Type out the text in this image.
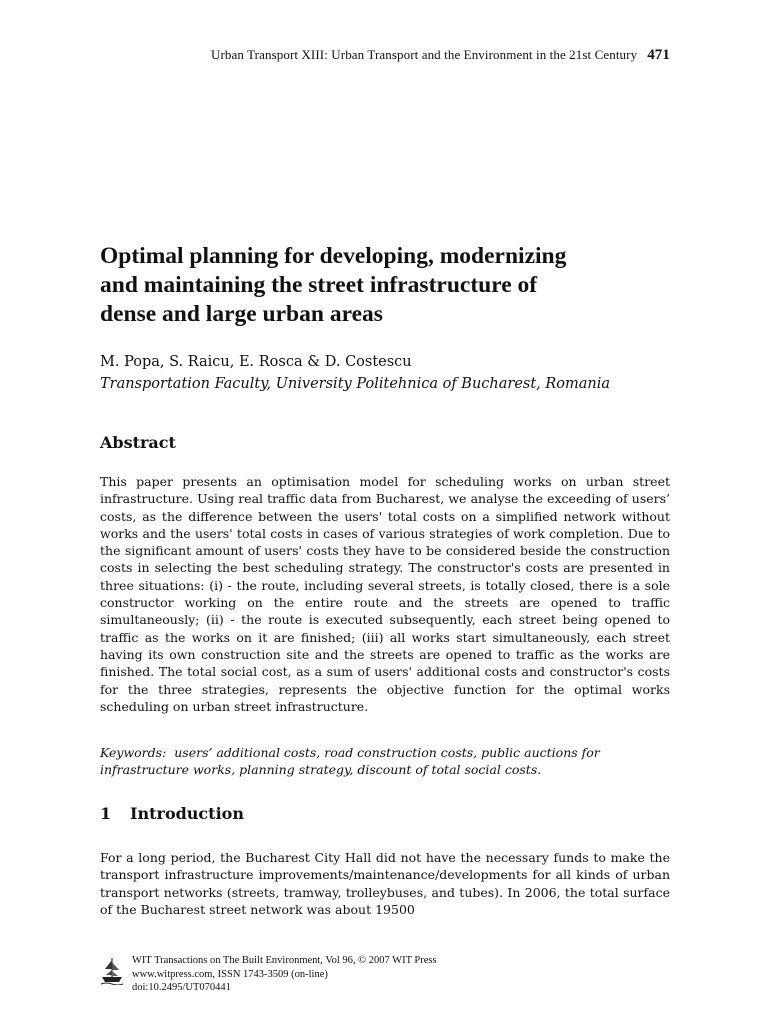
Urban Transport XIII: Urban Transport and the Environment in the 21st Century 471
Optimal planning for developing, modernizing
and maintaining the street infrastructure of
dense and large urban areas
M. Popa, S. Raicu, E. Rosca & D. Costescu
Transportation Faculty, University Politehnica of Bucharest, Romania
Abstract

This paper presents an optimisation model for scheduling works on urban street infrastructure. Using real traffic data from Bucharest, we analyse the exceeding of users’ costs, as the difference between the users' total costs on a simplified network without works and the users' total costs in cases of various strategies of work completion. Due to the significant amount of users' costs they have to be considered beside the construction costs in selecting the best scheduling strategy. The constructor's costs are presented in three situations: (i) - the route, including several streets, is totally closed, there is a sole constructor working on the entire route and the streets are opened to traffic simultaneously; (ii) - the route is executed subsequently, each street being opened to traffic as the works on it are finished; (iii) all works start simultaneously, each street having its own construction site and the streets are opened to traffic as the works are finished. The total social cost, as a sum of users' additional costs and constructor's costs for the three strategies, represents the objective function for the optimal works scheduling on urban street infrastructure.

Keywords: users’ additional costs, road construction costs, public auctions for infrastructure works, planning strategy, discount of total social costs.

1 Introduction

For a long period, the Bucharest City Hall did not have the necessary funds to make the transport infrastructure improvements/maintenance/developments for all kinds of urban transport networks (streets, tramway, trolleybuses, and tubes). In 2006, the total surface of the Bucharest street network was about 19500

WIT Transactions on The Built Environment, Vol 96, © 2007 WIT Press
www.witpress.com, ISSN 1743-3509 (on-line)
doi:10.2495/UT070441
